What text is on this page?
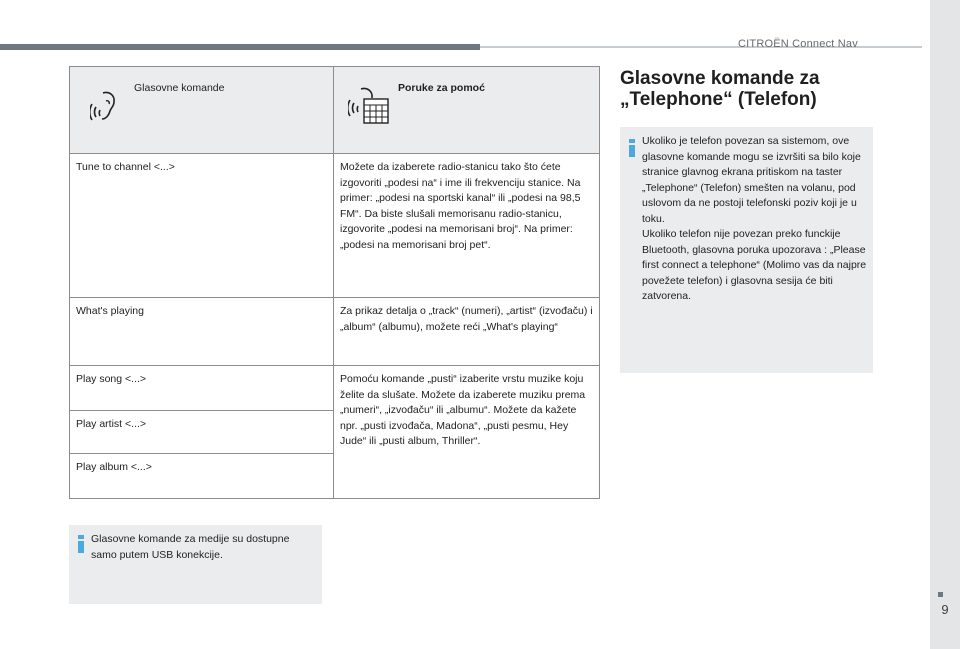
CITROËN Connect Nav
9
Glasovne komande	Poruke za pomoć

Tune to channel <...>	Možete da izaberete radio-stanicu tako što ćete izgovoriti „podesi na“ i ime ili frekvenciju stanice. Na primer: „podesi na sportski kanal“ ili „podesi na 98,5 FM“. Da biste slušali memorisanu radio-stanicu, izgovorite „podesi na memorisani broj“. Na primer: „podesi na memorisani broj pet“.
What's playing	Za prikaz detalja o „track“ (numeri), „artist“ (izvođaču) i „album“ (albumu), možete reći „What's playing“
Play song <...>	Pomoću komande „pusti“ izaberite vrstu muzike koju želite da slušate. Možete da izaberete muziku prema „numeri“, „izvođaču“ ili „albumu“. Možete da kažete npr. „pusti izvođača, Madona“, „pusti pesmu, Hey Jude“ ili „pusti album, Thriller“.
Play artist <...>	
Play album <...>	
Glasovne komande za medije su dostupne samo putem USB konekcije.
Glasovne komande za
„Telephone“ (Telefon)
Ukoliko je telefon povezan sa sistemom, ove glasovne komande mogu se izvršiti sa bilo koje stranice glavnog ekrana pritiskom na taster „Telephone“ (Telefon) smešten na volanu, pod uslovom da ne postoji telefonski poziv koji je u toku.
Ukoliko telefon nije povezan preko funckije Bluetooth, glasovna poruka upozorava : „Please first connect a telephone“ (Molimo vas da najpre povežete telefon) i glasovna sesija će biti zatvorena.
